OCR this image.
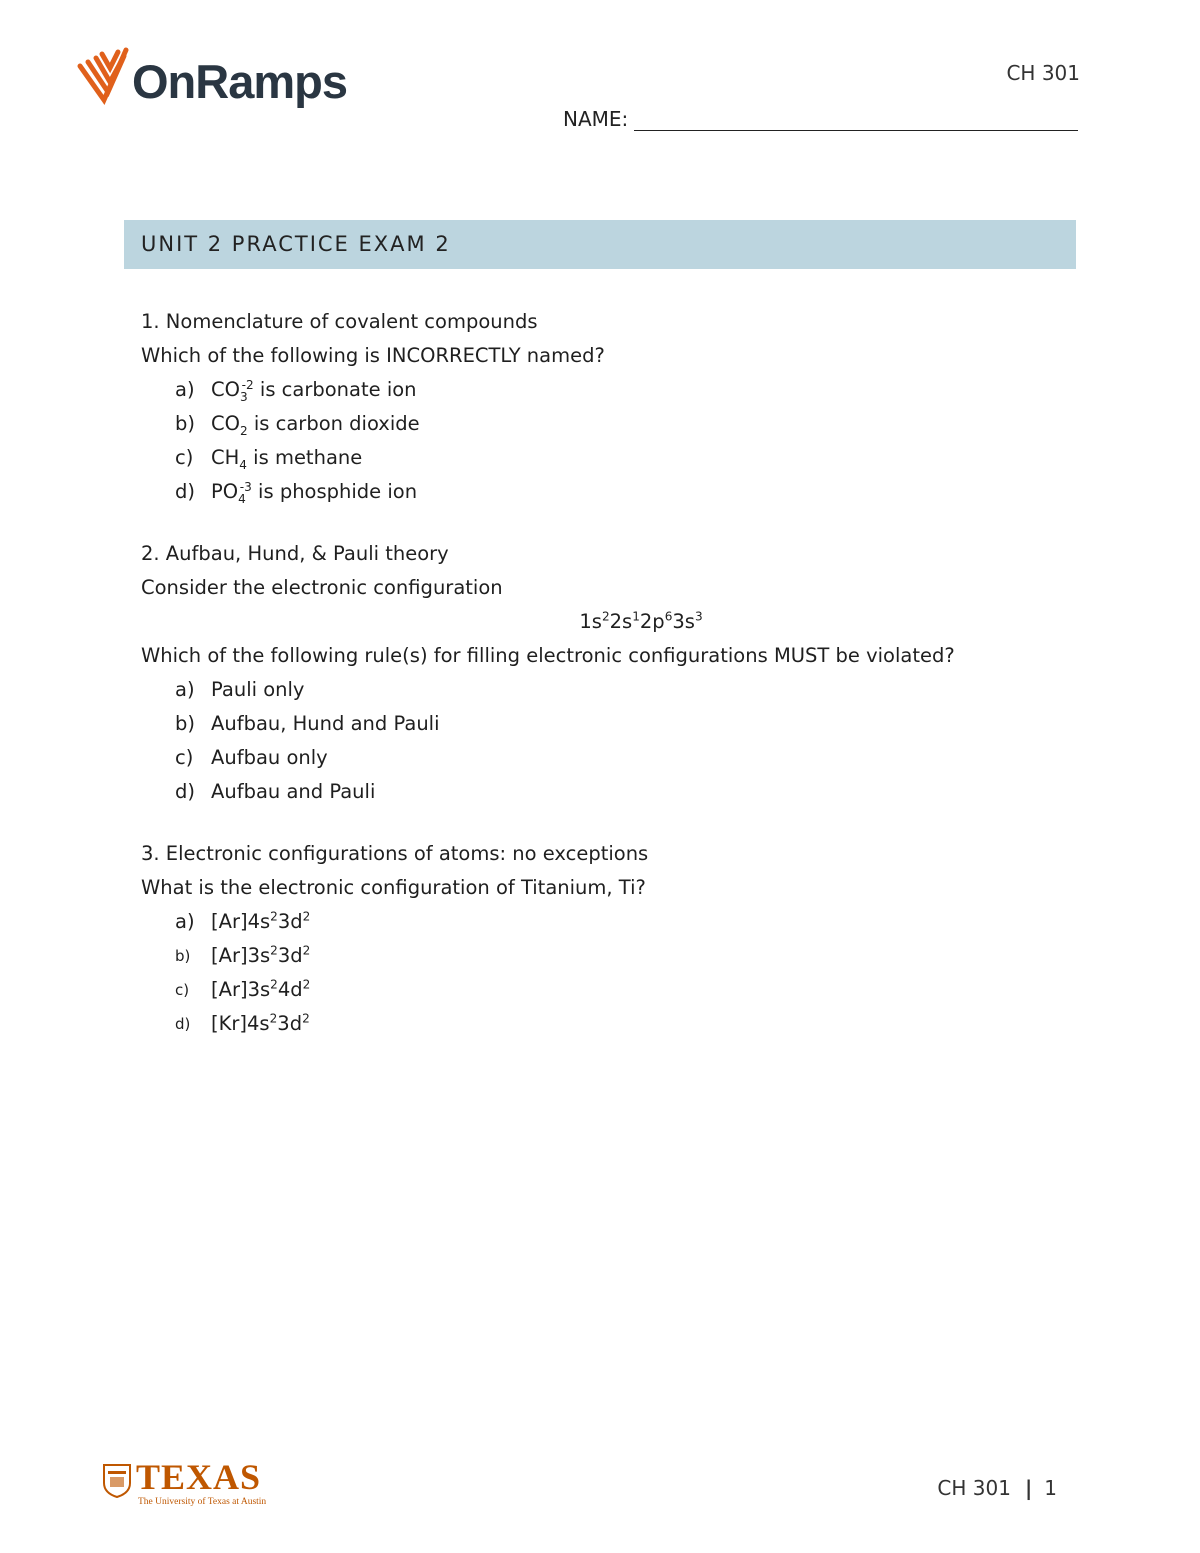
OnRamps	CH 301
NAME:
UNIT 2 PRACTICE EXAM 2

1. Nomenclature of covalent compounds

Which of the following is INCORRECTLY named?

a) $CO_3^{-2}$ is carbonate ion
b) $CO_2$ is carbon dioxide
c) $CH_4$ is methane
d) $PO_4^{-3}$ is phosphide ion

2. Aufbau, Hund, & Pauli theory

Consider the electronic configuration

$1s^22s^12p^63s^3$

Which of the following rule(s) for filling electronic configurations MUST be violated?

a) Pauli only
b) Aufbau, Hund and Pauli
c) Aufbau only
d) Aufbau and Pauli

3. Electronic configurations of atoms: no exceptions

What is the electronic configuration of Titanium, Ti?

a) $[Ar]4s^23d^2$
b)	$[Ar]3s^23d^2$
c)	$[Ar]3s^24d^2$
d)	$[Kr]4s^23d^2$
TEXAS
The University of Texas at Austin
CH 301 | 1
